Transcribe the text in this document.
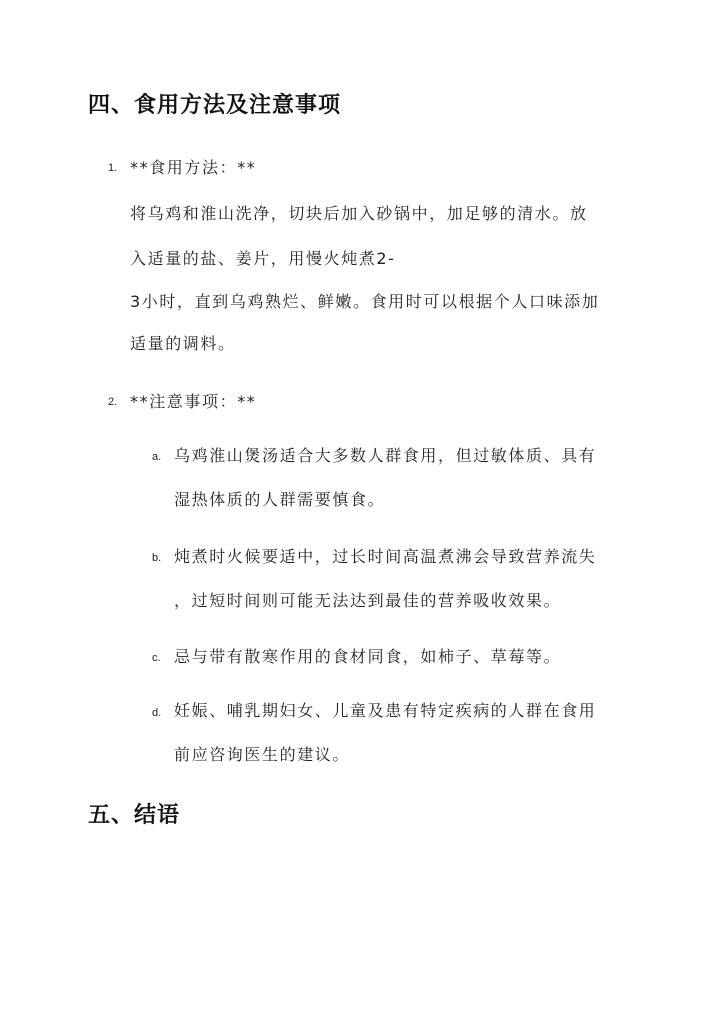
四、食用方法及注意事项
1. **食用方法：**
将乌鸡和淮山洗净，切块后加入砂锅中，加足够的清水。放
入适量的盐、姜片，用慢火炖煮2-
3小时，直到乌鸡熟烂、鲜嫩。食用时可以根据个人口味添加
适量的调料。
2. **注意事项：**
a. 乌鸡淮山煲汤适合大多数人群食用，但过敏体质、具有
湿热体质的人群需要慎食。
b. 炖煮时火候要适中，过长时间高温煮沸会导致营养流失
，过短时间则可能无法达到最佳的营养吸收效果。
c. 忌与带有散寒作用的食材同食，如柿子、草莓等。
d. 妊娠、哺乳期妇女、儿童及患有特定疾病的人群在食用
前应咨询医生的建议。
五、结语
